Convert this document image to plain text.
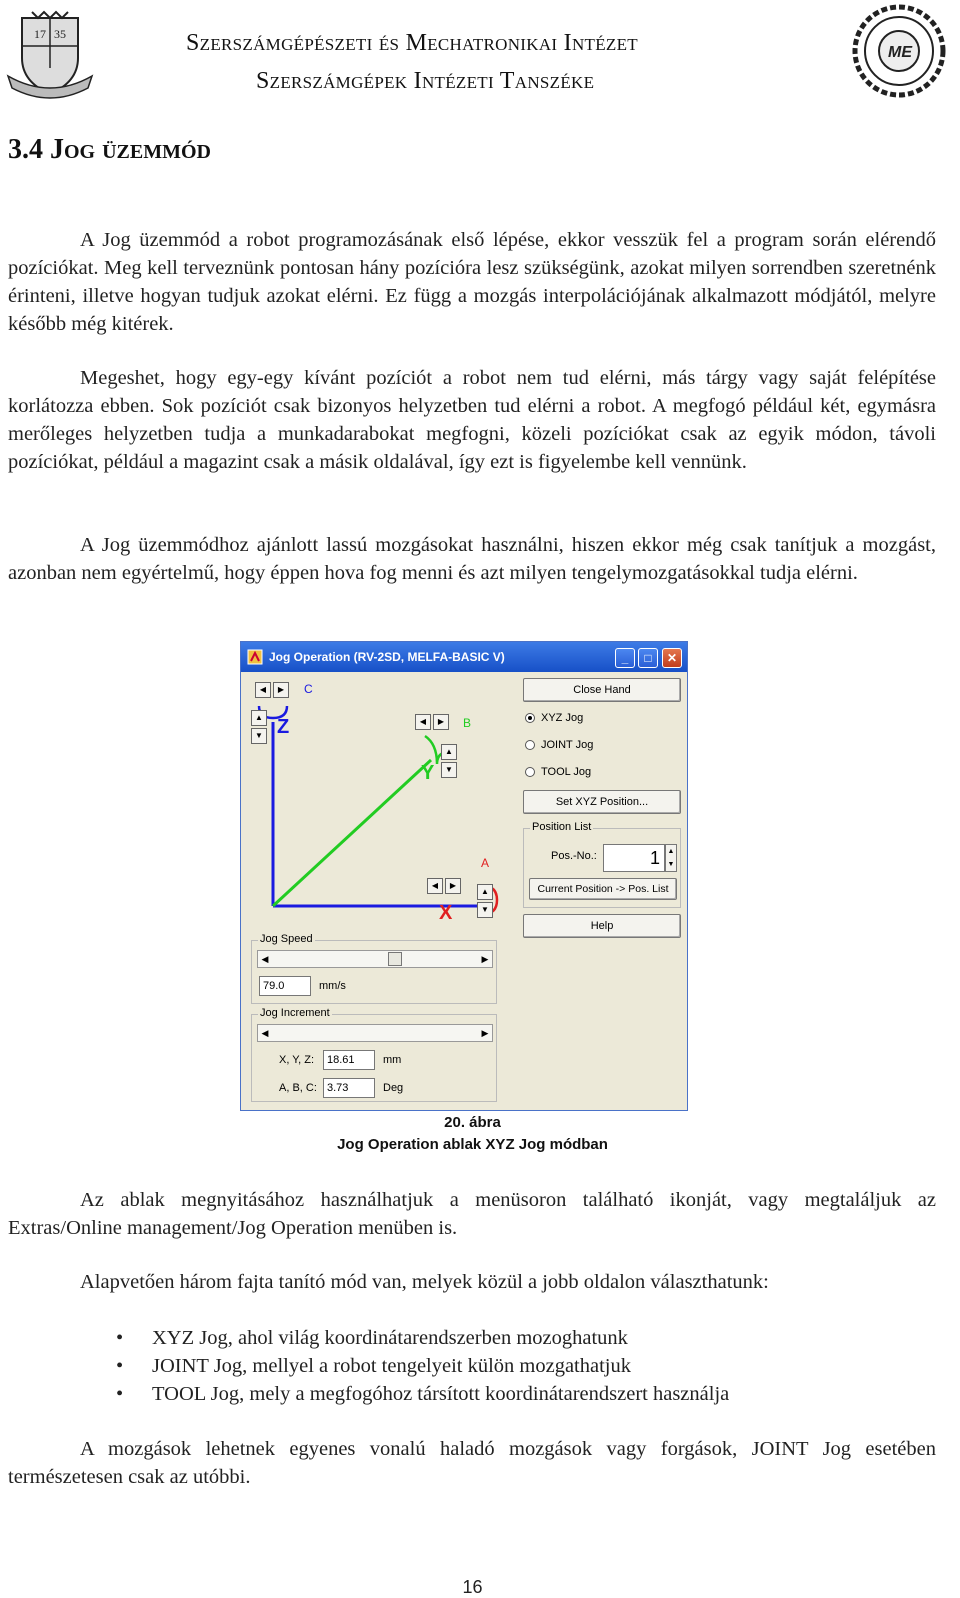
17 35	Szerszámgépészeti és Mechatronikai Intézet
Szerszámgépek Intézeti Tanszéke
ME
3.4 Jog üzemmód
A Jog üzemmód a robot programozásának első lépése, ekkor vesszük fel a program során elérendő pozíciókat. Meg kell terveznünk pontosan hány pozícióra lesz szükségünk, azokat milyen sorrendben szeretnénk érinteni, illetve hogyan tudjuk azokat elérni. Ez függ a mozgás interpolációjának alkalmazott módjától, melyre később még kitérek.
Megeshet, hogy egy-egy kívánt pozíciót a robot nem tud elérni, más tárgy vagy saját felépítése korlátozza ebben. Sok pozíciót csak bizonyos helyzetben tud elérni a robot. A megfogó például két, egymásra merőleges helyzetben tudja a munkadarabokat megfogni, közeli pozíciókat csak az egyik módon, távoli pozíciókat, például a magazint csak a másik oldalával, így ezt is figyelembe kell vennünk.
A Jog üzemmódhoz ajánlott lassú mozgásokat használni, hiszen ekkor még csak tanítjuk a mozgást, azonban nem egyértelmű, hogy éppen hova fog menni és azt milyen tengelymozgatásokkal tudja elérni.
Jog Operation (RV-2SD, MELFA-BASIC V)	_	□	✕
C
Z	B
Y
A
X
◀	▶
▲
▼
◀	▶
▲
▼
◀	▶
▲
▼
Close Hand
XYZ Jog
JOINT Jog
TOOL Jog
Set XYZ Position...
Position List
Pos.-No.:	1	▲
▼
Current Position -> Pos. List
Help
Jog Speed
◀	▶
79.0	mm/s
Jog Increment
◀	▶
X, Y, Z:	18.61	mm
A, B, C: 3.73	Deg
20. ábra
Jog Operation ablak XYZ Jog módban
Az ablak megnyitásához használhatjuk a menüsoron található ikonját, vagy megtaláljuk az Extras/Online management/Jog Operation menüben is.
Alapvetően három fajta tanító mód van, melyek közül a jobb oldalon választhatunk:
•	XYZ Jog, ahol világ koordinátarendszerben mozoghatunk
•	JOINT Jog, mellyel a robot tengelyeit külön mozgathatjuk
•	TOOL Jog, mely a megfogóhoz társított koordinátarendszert használja
A mozgások lehetnek egyenes vonalú haladó mozgások vagy forgások, JOINT Jog esetében természetesen csak az utóbbi.
16
